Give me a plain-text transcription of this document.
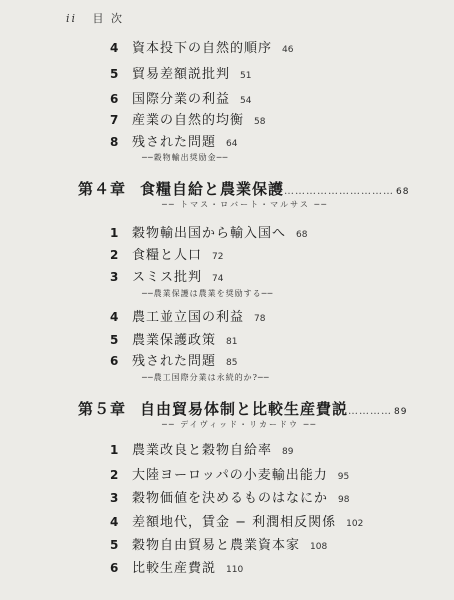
ii 目 次
4 資本投下の自然的順序 46
5 貿易差額説批判 51
6 国際分業の利益 54
7 産業の自然的均衡 58
8 残された問題 64
──穀物輸出奨励金──
第４章 食糧自給と農業保護………………………… 68
── トマス・ロバート・マルサス ──
1 穀物輸出国から輸入国へ 68
2 食糧と人口 72
3 スミス批判 74
──農業保護は農業を奨励する──
4 農工並立国の利益 78
5 農業保護政策 81
6 残された問題 85
──農工国際分業は永続的か?──
第５章 自由貿易体制と比較生産費説………… 89
── デイヴィッド・リカードウ ──
1 農業改良と穀物自給率 89
2 大陸ヨーロッパの小麦輸出能力 95
3 穀物価値を決めるものはなにか 98
4 差額地代，賃金 − 利潤相反関係 102
5 穀物自由貿易と農業資本家 108
6 比較生産費説 110
